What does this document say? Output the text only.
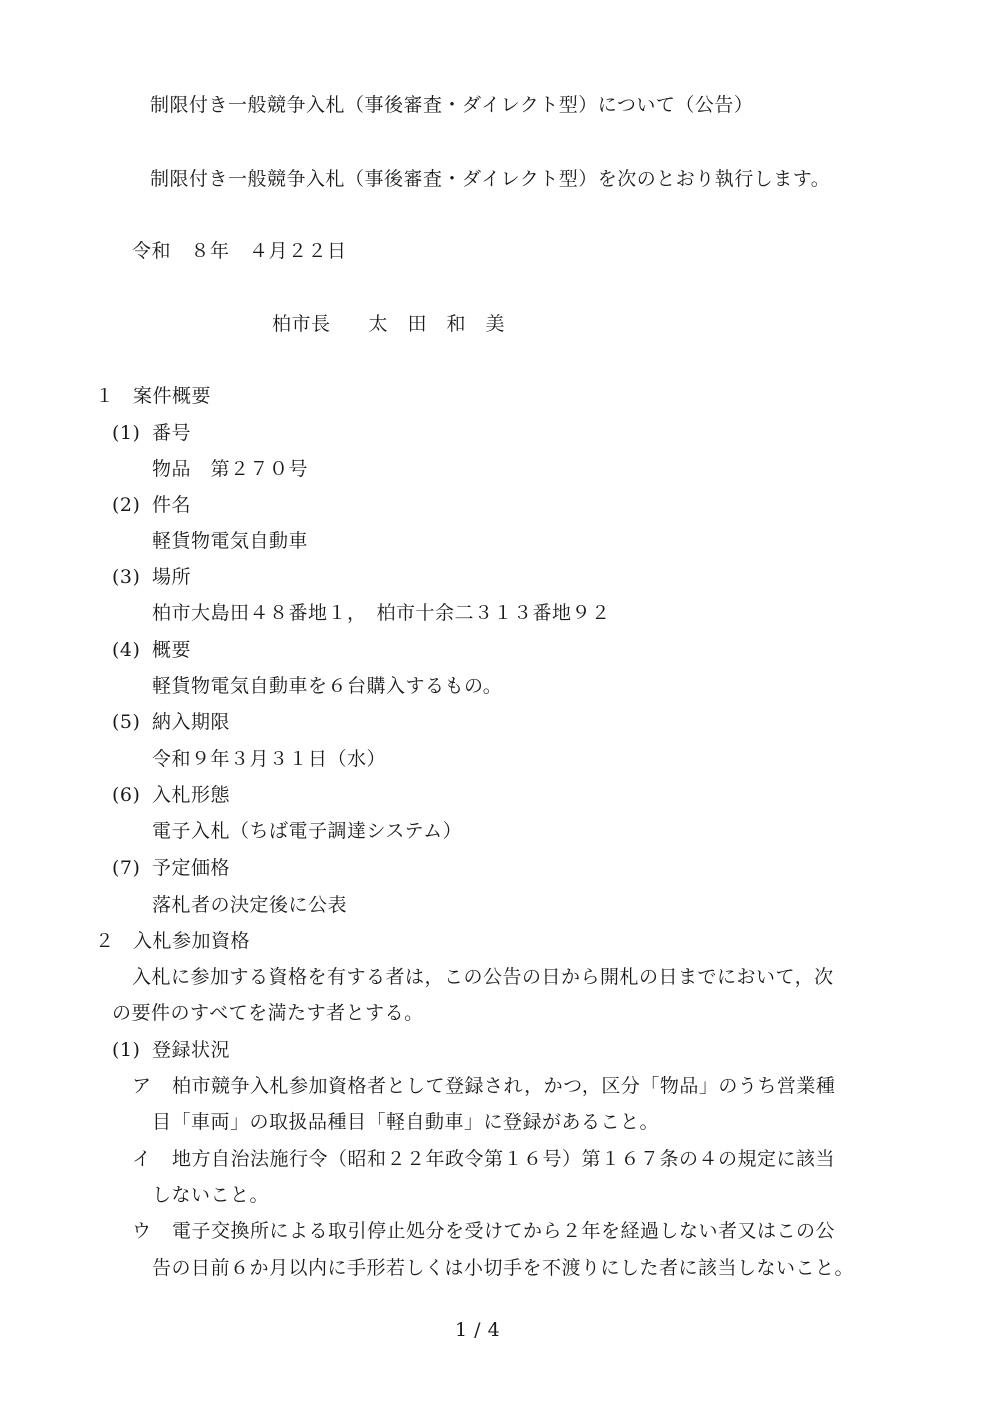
制限付き一般競争入札（事後審査・ダイレクト型）について（公告）
制限付き一般競争入札（事後審査・ダイレクト型）を次のとおり執行します。
令和　８年　４月２２日
柏市長 太田和美
１ 案件概要
(1) 番号
物品　第２７０号
(2) 件名
軽貨物電気自動車
(3) 場所
柏市大島田４８番地１，　柏市十余二３１３番地９２
(4) 概要
軽貨物電気自動車を６台購入するもの。
(5) 納入期限
令和９年３月３１日（水）
(6) 入札形態
電子入札（ちば電子調達システム）
(7) 予定価格
落札者の決定後に公表
２ 入札参加資格
入札に参加する資格を有する者は，この公告の日から開札の日までにおいて，次
の要件のすべてを満たす者とする。
(1) 登録状況
ア 柏市競争入札参加資格者として登録され，かつ，区分「物品」のうち営業種
目「車両」の取扱品種目「軽自動車」に登録があること。
イ 地方自治法施行令（昭和２２年政令第１６号）第１６７条の４の規定に該当
しないこと。
ウ 電子交換所による取引停止処分を受けてから２年を経過しない者又はこの公
告の日前６か月以内に手形若しくは小切手を不渡りにした者に該当しないこと。
1 / 4
